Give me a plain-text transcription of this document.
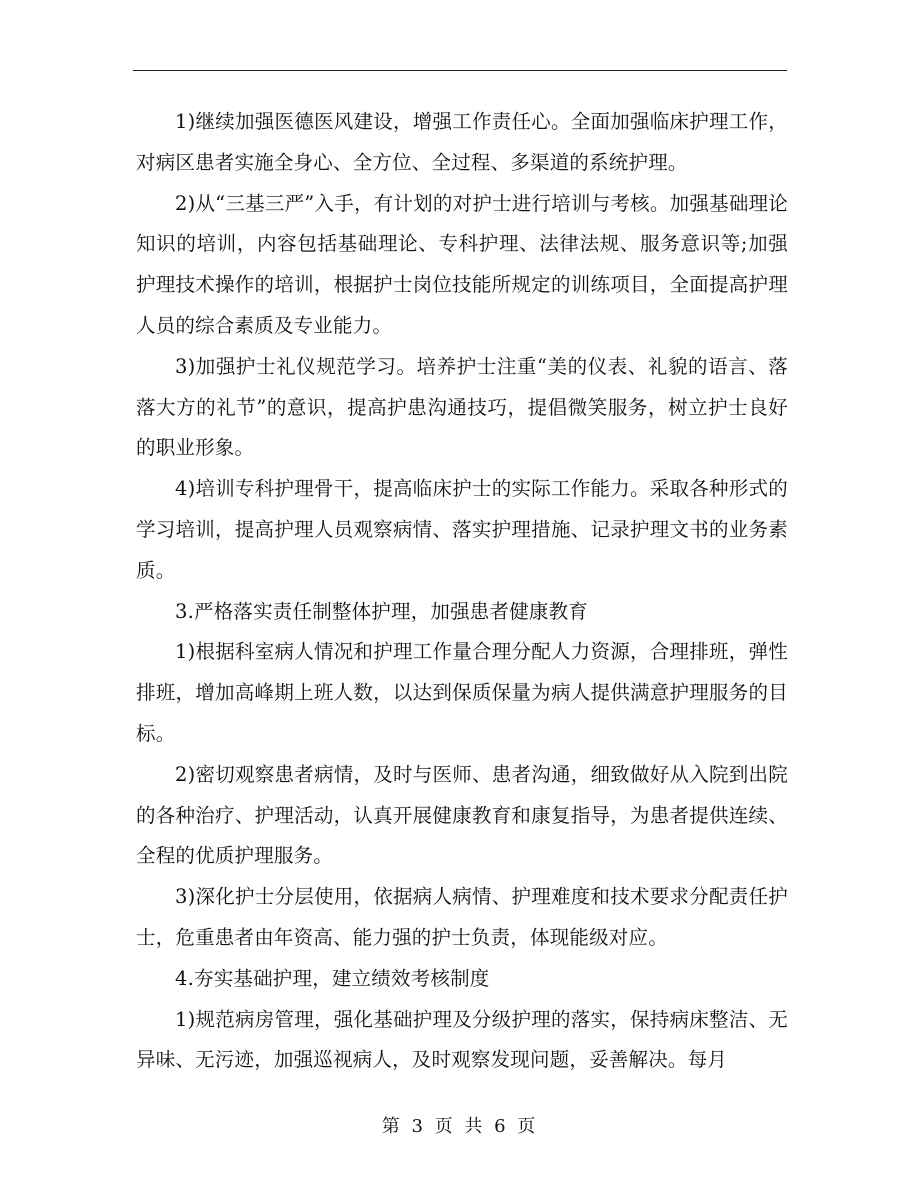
1)继续加强医德医风建设，增强工作责任心。全面加强临床护理工作，对病区患者实施全身心、全方位、全过程、多渠道的系统护理。

2)从“三基三严”入手，有计划的对护士进行培训与考核。加强基础理论知识的培训，内容包括基础理论、专科护理、法律法规、服务意识等;加强护理技术操作的培训，根据护士岗位技能所规定的训练项目，全面提高护理人员的综合素质及专业能力。

3)加强护士礼仪规范学习。培养护士注重“美的仪表、礼貌的语言、落落大方的礼节”的意识，提高护患沟通技巧，提倡微笑服务，树立护士良好的职业形象。

4)培训专科护理骨干，提高临床护士的实际工作能力。采取各种形式的学习培训，提高护理人员观察病情、落实护理措施、记录护理文书的业务素质。

3.严格落实责任制整体护理，加强患者健康教育

1)根据科室病人情况和护理工作量合理分配人力资源，合理排班，弹性排班，增加高峰期上班人数，以达到保质保量为病人提供满意护理服务的目标。

2)密切观察患者病情，及时与医师、患者沟通，细致做好从入院到出院的各种治疗、护理活动，认真开展健康教育和康复指导，为患者提供连续、全程的优质护理服务。

3)深化护士分层使用，依据病人病情、护理难度和技术要求分配责任护士，危重患者由年资高、能力强的护士负责，体现能级对应。

4.夯实基础护理，建立绩效考核制度

1)规范病房管理，强化基础护理及分级护理的落实，保持病床整洁、无异味、无污迹，加强巡视病人，及时观察发现问题，妥善解决。每月

第 3 页 共 6 页
